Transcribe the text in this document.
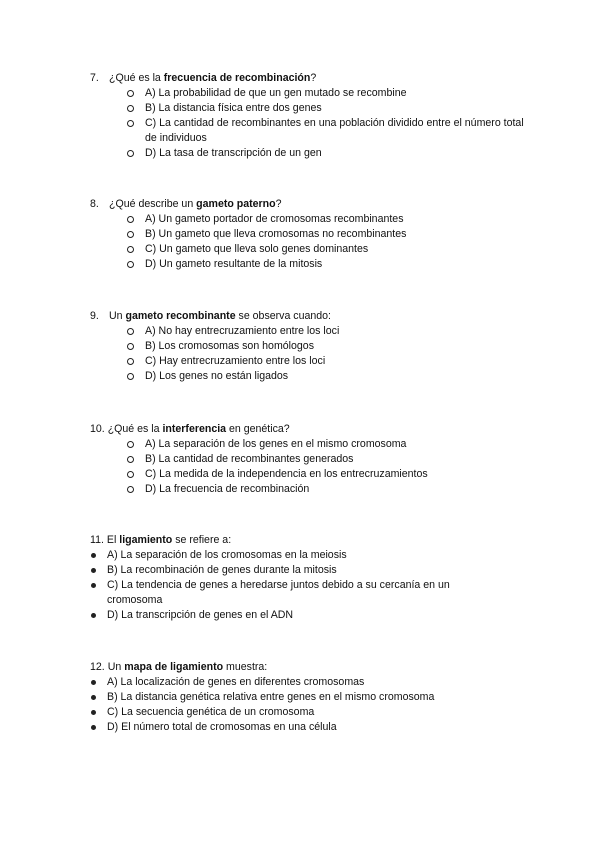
7. ¿Qué es la frecuencia de recombinación?
A) La probabilidad de que un gen mutado se recombine
B) La distancia física entre dos genes
C) La cantidad de recombinantes en una población dividido entre el número total de individuos
D) La tasa de transcripción de un gen
8. ¿Qué describe un gameto paterno?
A) Un gameto portador de cromosomas recombinantes
B) Un gameto que lleva cromosomas no recombinantes
C) Un gameto que lleva solo genes dominantes
D) Un gameto resultante de la mitosis
9. Un gameto recombinante se observa cuando:
A) No hay entrecruzamiento entre los loci
B) Los cromosomas son homólogos
C) Hay entrecruzamiento entre los loci
D) Los genes no están ligados
10. ¿Qué es la interferencia en genética?
A) La separación de los genes en el mismo cromosoma
B) La cantidad de recombinantes generados
C) La medida de la independencia en los entrecruzamientos
D) La frecuencia de recombinación
11. El ligamiento se refiere a:
A) La separación de los cromosomas en la meiosis
B) La recombinación de genes durante la mitosis
C) La tendencia de genes a heredarse juntos debido a su cercanía en un cromosoma
D) La transcripción de genes en el ADN
12. Un mapa de ligamiento muestra:
A) La localización de genes en diferentes cromosomas
B) La distancia genética relativa entre genes en el mismo cromosoma
C) La secuencia genética de un cromosoma
D) El número total de cromosomas en una célula
